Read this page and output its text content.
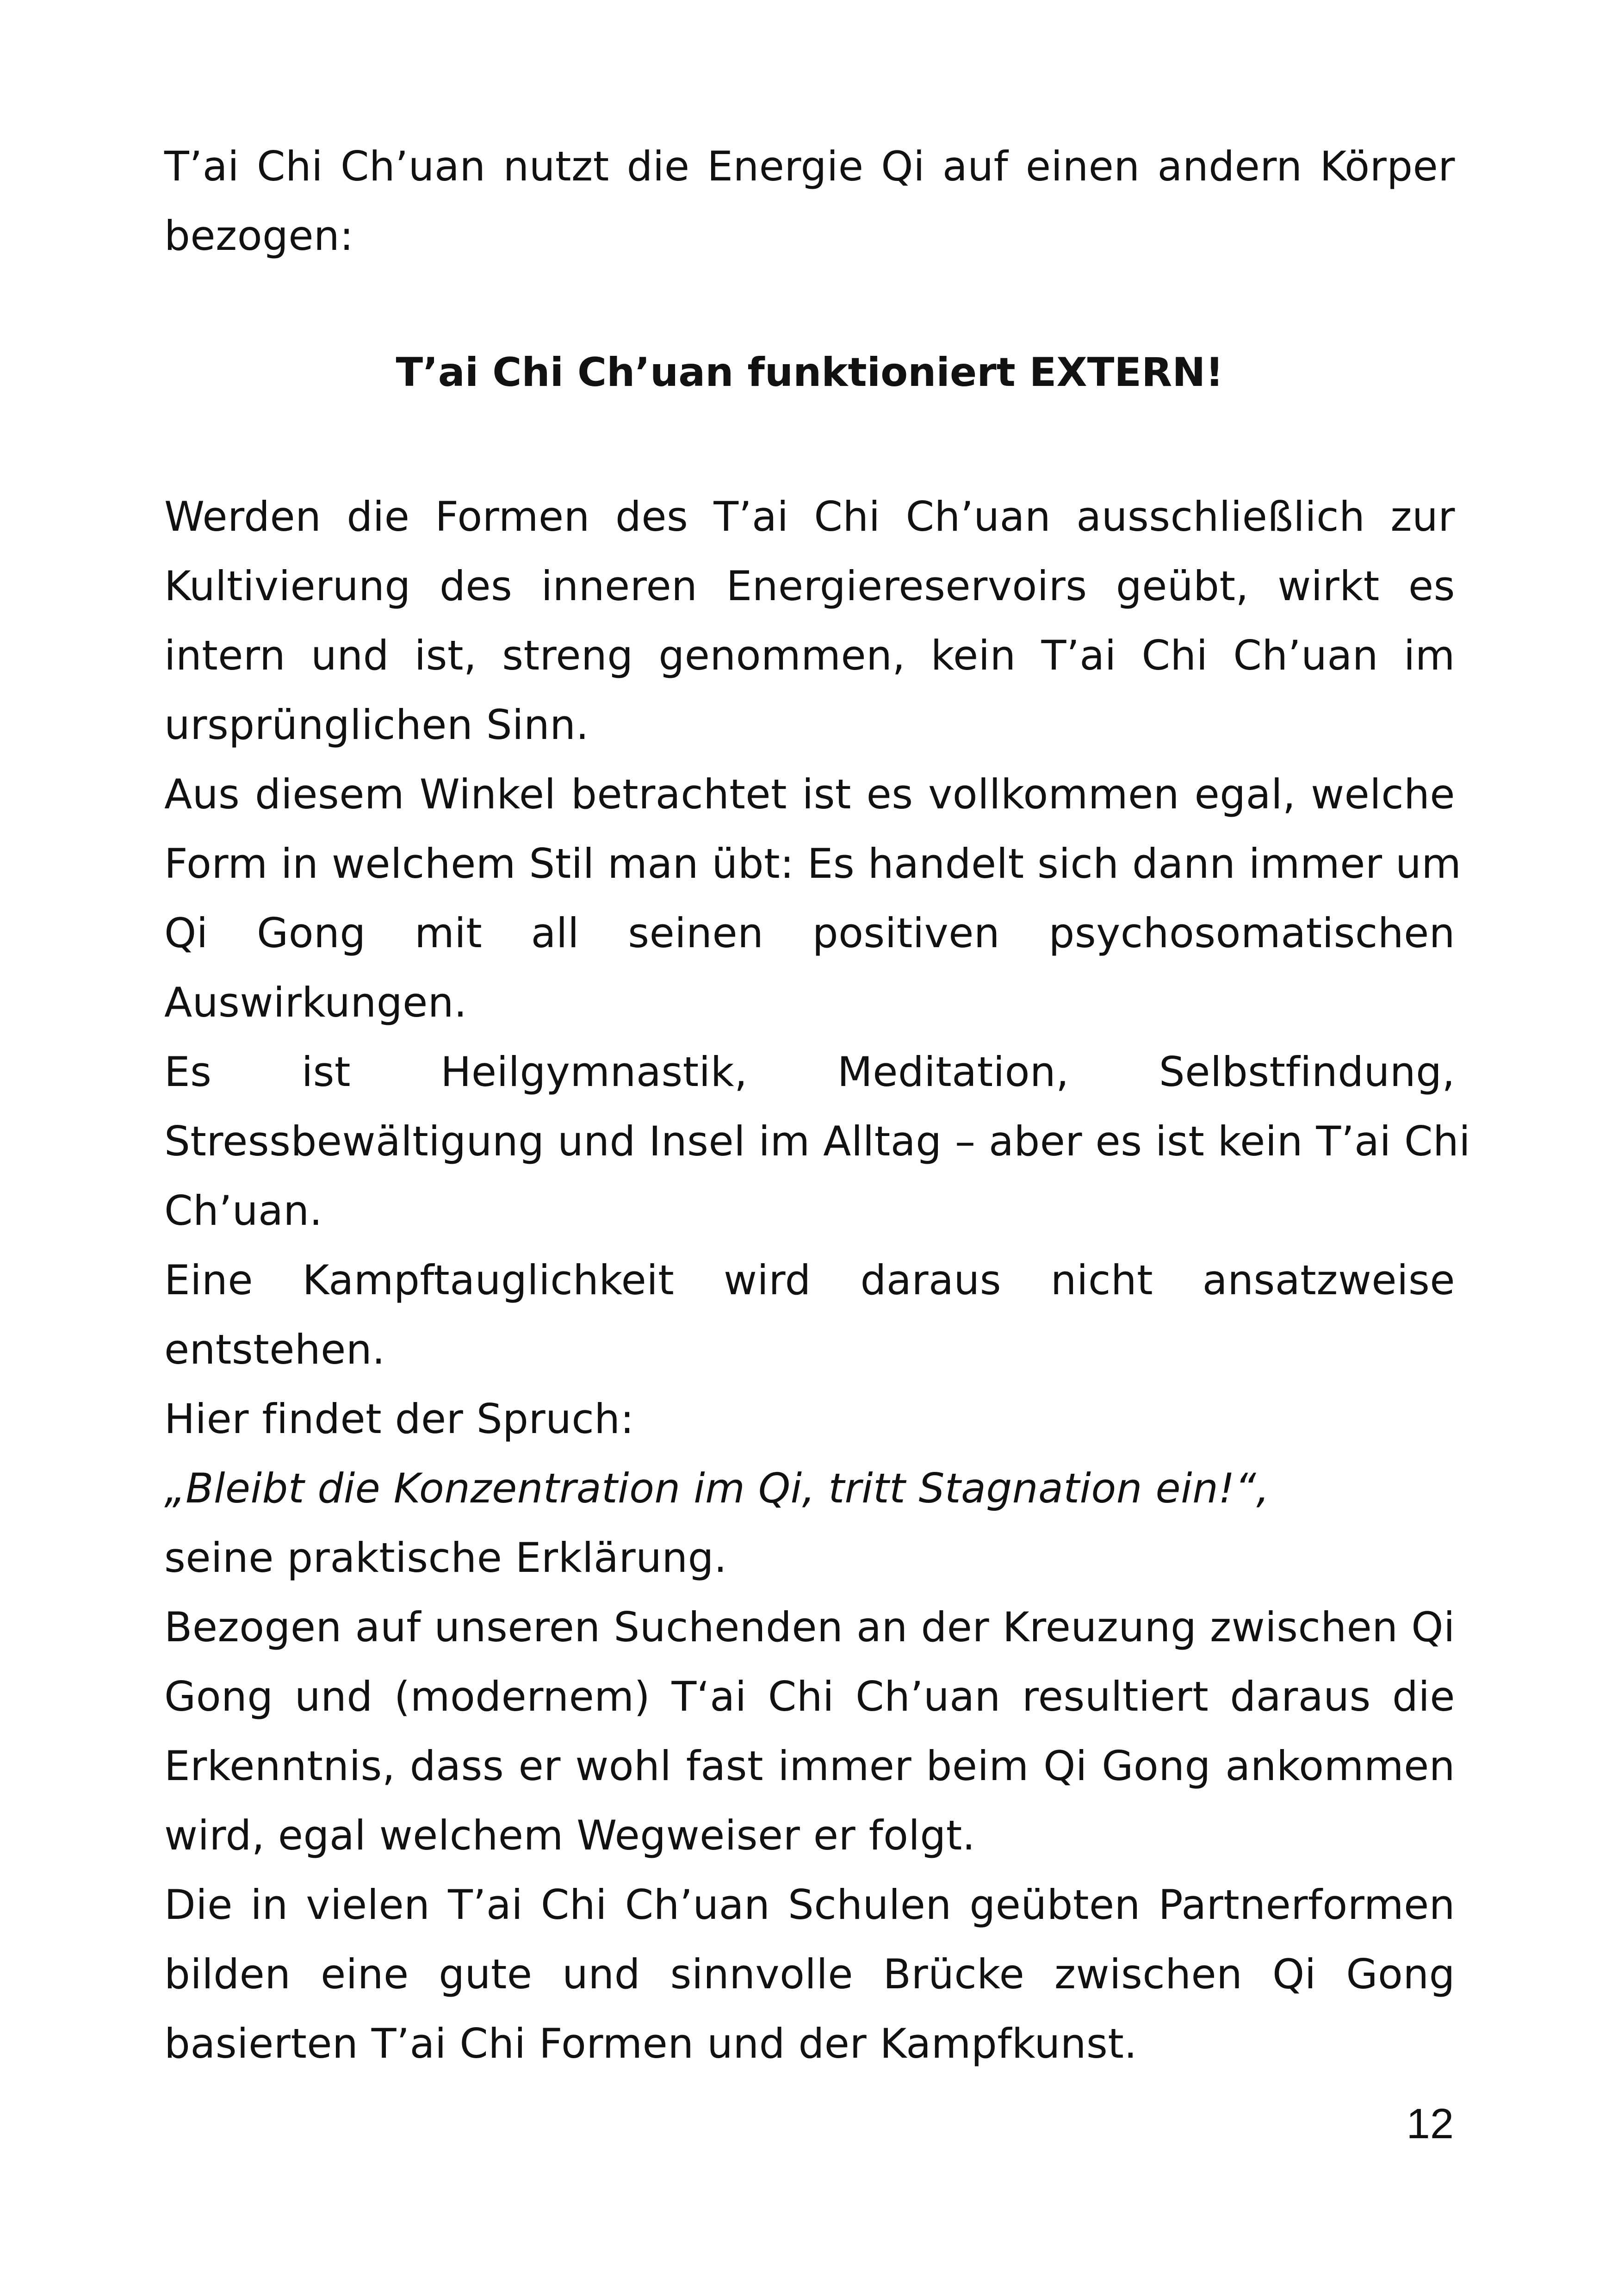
T’ai Chi Ch’uan nutzt die Energie Qi auf einen andern Körper
bezogen:
T’ai Chi Ch’uan funktioniert EXTERN!
Werden die Formen des T’ai Chi Ch’uan ausschließlich zur
Kultivierung des inneren Energiereservoirs geübt, wirkt es
intern und ist, streng genommen, kein T’ai Chi Ch’uan im
ursprünglichen Sinn.
Aus diesem Winkel betrachtet ist es vollkommen egal, welche
Form in welchem Stil man übt: Es handelt sich dann immer um
Qi Gong mit all seinen positiven psychosomatischen
Auswirkungen.
Es ist Heilgymnastik, Meditation, Selbstfindung,
Stressbewältigung und Insel im Alltag – aber es ist kein T’ai Chi
Ch’uan.
Eine Kampftauglichkeit wird daraus nicht ansatzweise
entstehen.
Hier findet der Spruch:
„Bleibt die Konzentration im Qi, tritt Stagnation ein!“,
seine praktische Erklärung.
Bezogen auf unseren Suchenden an der Kreuzung zwischen Qi
Gong und (modernem) T‘ai Chi Ch’uan resultiert daraus die
Erkenntnis, dass er wohl fast immer beim Qi Gong ankommen
wird, egal welchem Wegweiser er folgt.
Die in vielen T’ai Chi Ch’uan Schulen geübten Partnerformen
bilden eine gute und sinnvolle Brücke zwischen Qi Gong
basierten T’ai Chi Formen und der Kampfkunst.
12
